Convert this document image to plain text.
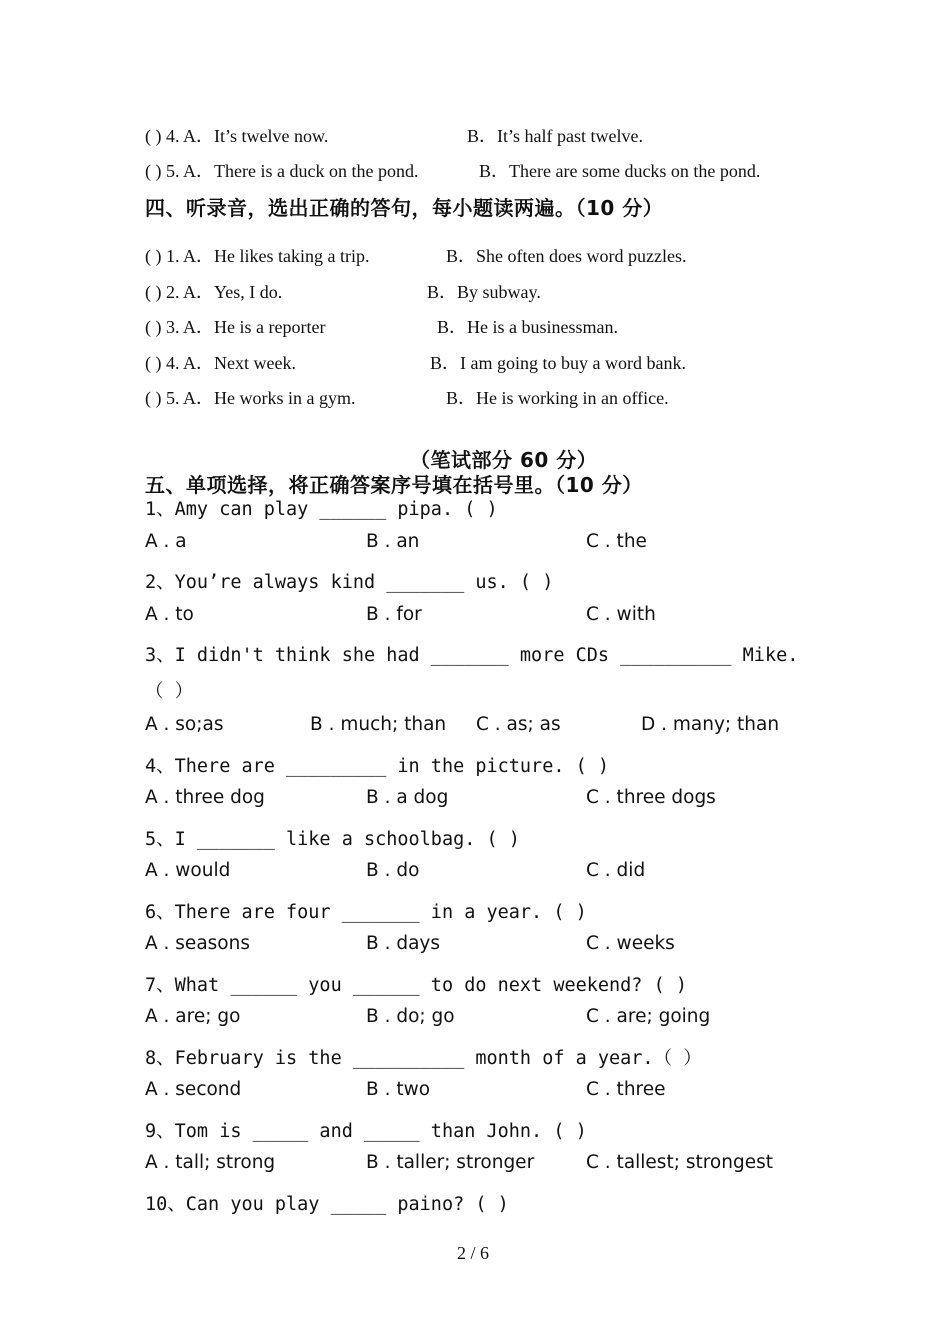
( ) 4. A．It’s twelve now.	B．It’s half past twelve.
( ) 5. A．There is a duck on the pond.	B．There are some ducks on the pond.
四、听录音，选出正确的答句，每小题读两遍。（10 分）
( ) 1. A．He likes taking a trip.	B．She often does word puzzles.
( ) 2. A．Yes, I do.	B．By subway.
( ) 3. A．He is a reporter	B．He is a businessman.
( ) 4. A．Next week.	B．I am going to buy a word bank.
( ) 5. A．He works in a gym.	B．He is working in an office.
（笔试部分 60 分）
五、单项选择，将正确答案序号填在括号里。（10 分）
1、Amy can play ______ pipa. ( )
A . a	B . an	C . the
2、You’re always kind _______ us. ( )
A . to	B . for	C . with
3、I didn't think she had _______ more CDs __________ Mike.
（ ）
A . so;as	B . much; than C . as; as	D . many; than
4、There are _________ in the picture. ( )
A . three dog	B . a dog	C . three dogs
5、I _______ like a schoolbag. ( )
A . would	B . do	C . did
6、There are four _______ in a year. ( )
A . seasons	B . days	C . weeks
7、What ______ you ______ to do next weekend? ( )
A . are; go	B . do; go	C . are; going
8、February is the __________ month of a year.（ ）
A . second	B . two	C . three
9、Tom is _____ and _____ than John. ( )
A . tall; strong	B . taller; stronger	C . tallest; strongest
10、Can you play _____ paino? ( )
2 / 6
